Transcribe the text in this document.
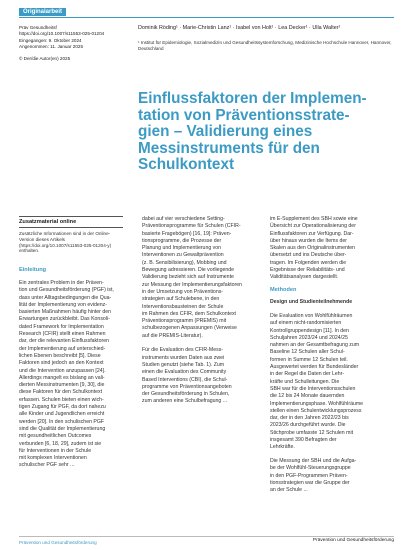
Originalarbeit
Präv Gesundheitsf
https://doi.org/10.1007/s11553-025-01204
Eingegangen: 9. Oktober 2024
Angenommen: 11. Januar 2025
© Der/die Autor(en) 2025
Dominik Röding¹ · Marie-Christin Lanz¹ · Isabel von Holt¹ · Lea Decker¹ · Ulla Walter¹
¹ Institut für Epidemiologie, Sozialmedizin und Gesundheitssystemforschung, Medizinische Hochschule Hannover, Hannover, Deutschland
Einflussfaktoren der Implemen-
tation von Präventionsstrate-
gien – Validierung eines
Messinstruments für den
Schulkontext
Zusatzmaterial online
Zusätzliche Informationen sind in der Online-Version dieses Artikels (https://doi.org/10.1007/s11553-025-01204-y) enthalten.
Einleitung
Ein zentrales Problem in der Präven-
tion und Gesundheitsförderung (PGF) ist,
dass unter Alltagsbedingungen die Qua-
lität der Implementierung von evidenz-
basierten Maßnahmen häufig hinter den
Erwartungen zurückbleibt. Das Konsoli-
dated Framework for Implementation
Research (CFIR) stellt einen Rahmen
dar, der die relevanten Einflussfaktoren
der Implementierung auf unterschied-
lichen Ebenen beschreibt [5]. Diese
Faktoren sind jedoch an den Kontext
und die Intervention anzupassen [24].
Allerdings mangelt es bislang an vali-
dierten Messinstrumenten [9, 30], die
diese Faktoren für den Schulkontext
erfassen. Schulen bieten einen wich-
tigen Zugang für PGF, da dort nahezu
alle Kinder und Jugendlichen erreicht
werden [20]. In den schulischen PGF
sind die Qualität der Implementierung
mit gesundheitlichen Outcomes
verbunden [6, 18, 29], zudem ist sie
für Interventionen in der Schule
mit komplexen Interventionen
schulischer PGF sehr ...
dabei auf vier verschiedene Setting-
Präventionsprogramme für Schulen (CFIR-
basierte Fragebögen) [16, 19]: Präven-
tionsprogramme, die Prozesse der
Planung und Implementierung von
Interventionen zu Gewaltprävention
(z. B. Sensibilisierung), Mobbing und
Bewegung adressieren. Die vorliegende
Validierung bezieht sich auf Instrumente
zur Messung der Implementierungsfaktoren
in der Umsetzung von Präventions-
strategien auf Schulebene, in den
Interventionsbausteinen der Schule
im Rahmen des CFIR, dem Schulkontext
Präventionsprogramm (PREMIS) mit
schulbezogenen Anpassungen (Verweise
auf die PREMIS-Literatur).

Für die Evaluation des CFIR-Mess-
instruments wurden Daten aus zwei
Studien genutzt (siehe Tab. 1). Zum
einen die Evaluation des Community
Based Interventions (CBI), die Schul-
programme von Präventionsangeboten
der Gesundheitsförderung in Schulen,
zum anderen eine Schulbefragung ...
im E-Supplement des SBH sowie eine
Übersicht zur Operationalisierung der
Einflussfaktoren zur Verfügung. Dar-
über hinaus wurden die Items der
Skalen aus den Originalinstrumenten
übersetzt und ins Deutsche über-
tragen. Im Folgenden werden die
Ergebnisse der Reliabilitäts- und
Validitätsanalysen dargestellt.
Methoden
Design und Studienteilnehmende
Die Evaluation von Wohlfühlräumen
auf einem nicht-randomisierten
Kontrollgruppendesign [11]. In den
Schuljahren 2023/24 und 2024/25
nahmen an der Gesamtbefragung zum
Baseline 12 Schulen aller Schul-
formen in Summe 12 Schulen teil.
Ausgewertet werden für Bundesländer
in der Regel die Daten der Lehr-
kräfte und Schulleitungen. Die
SBH war für die Interventionsschulen
die 12 bis 24 Monate dauernden
Implementierungsphase. Wohlfühlräume
stellen einen Schulentwicklungsprozess
dar, der in den Jahren 2022/23 bis
2023/26 durchgeführt wurde. Die
Stichprobe umfasste 12 Schulen mit
insgesamt 390 Befragten der
Lehrkräfte.
Die Messung der SBH und die Aufga-
be der Wohlfühl-Steuerungsgruppe
in den PGF-Programmen Präven-
tionsstrategien war die Gruppe der
an der Schule ...
Prävention und Gesundheitsförderung	Prävention und Gesundheitsförderung
